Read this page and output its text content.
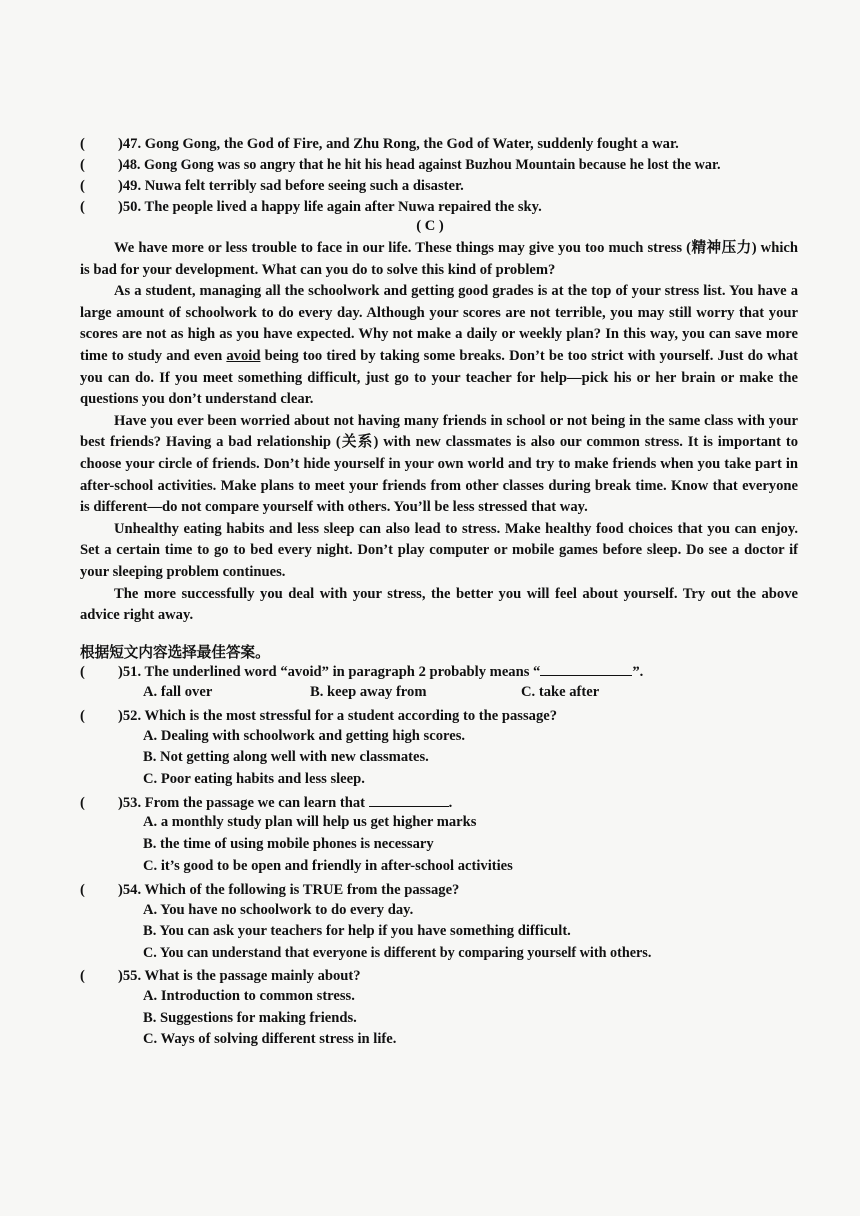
( )47. Gong Gong, the God of Fire, and Zhu Rong, the God of Water, suddenly fought a war.
( )48. Gong Gong was so angry that he hit his head against Buzhou Mountain because he lost the war.
( )49. Nuwa felt terribly sad before seeing such a disaster.
( )50. The people lived a happy life again after Nuwa repaired the sky.
( C )

We have more or less trouble to face in our life. These things may give you too much stress (精神压力) which is bad for your development. What can you do to solve this kind of problem?

As a student, managing all the schoolwork and getting good grades is at the top of your stress list. You have a large amount of schoolwork to do every day. Although your scores are not terrible, you may still worry that your scores are not as high as you have expected. Why not make a daily or weekly plan? In this way, you can save more time to study and even avoid being too tired by taking some breaks. Don’t be too strict with yourself. Just do what you can do. If you meet something difficult, just go to your teacher for help—pick his or her brain or make the questions you don’t understand clear.

Have you ever been worried about not having many friends in school or not being in the same class with your best friends? Having a bad relationship (关系) with new classmates is also our common stress. It is important to choose your circle of friends. Don’t hide yourself in your own world and try to make friends when you take part in after-school activities. Make plans to meet your friends from other classes during break time. Know that everyone is different—do not compare yourself with others. You’ll be less stressed that way.

Unhealthy eating habits and less sleep can also lead to stress. Make healthy food choices that you can enjoy. Set a certain time to go to bed every night. Don’t play computer or mobile games before sleep. Do see a doctor if your sleeping problem continues.

The more successfully you deal with your stress, the better you will feel about yourself. Try out the above advice right away.

根据短文内容选择最佳答案。
( )51. The underlined word “avoid” in paragraph 2 probably means “	”.
A. fall over	B. keep away from	C. take after
( )52. Which is the most stressful for a student according to the passage?
A. Dealing with schoolwork and getting high scores.
B. Not getting along well with new classmates.
C. Poor eating habits and less sleep.
( )53. From the passage we can learn that	.
A. a monthly study plan will help us get higher marks
B. the time of using mobile phones is necessary
C. it’s good to be open and friendly in after-school activities
( )54. Which of the following is TRUE from the passage?
A. You have no schoolwork to do every day.
B. You can ask your teachers for help if you have something difficult.
C. You can understand that everyone is different by comparing yourself with others.
( )55. What is the passage mainly about?
A. Introduction to common stress.
B. Suggestions for making friends.
C. Ways of solving different stress in life.
